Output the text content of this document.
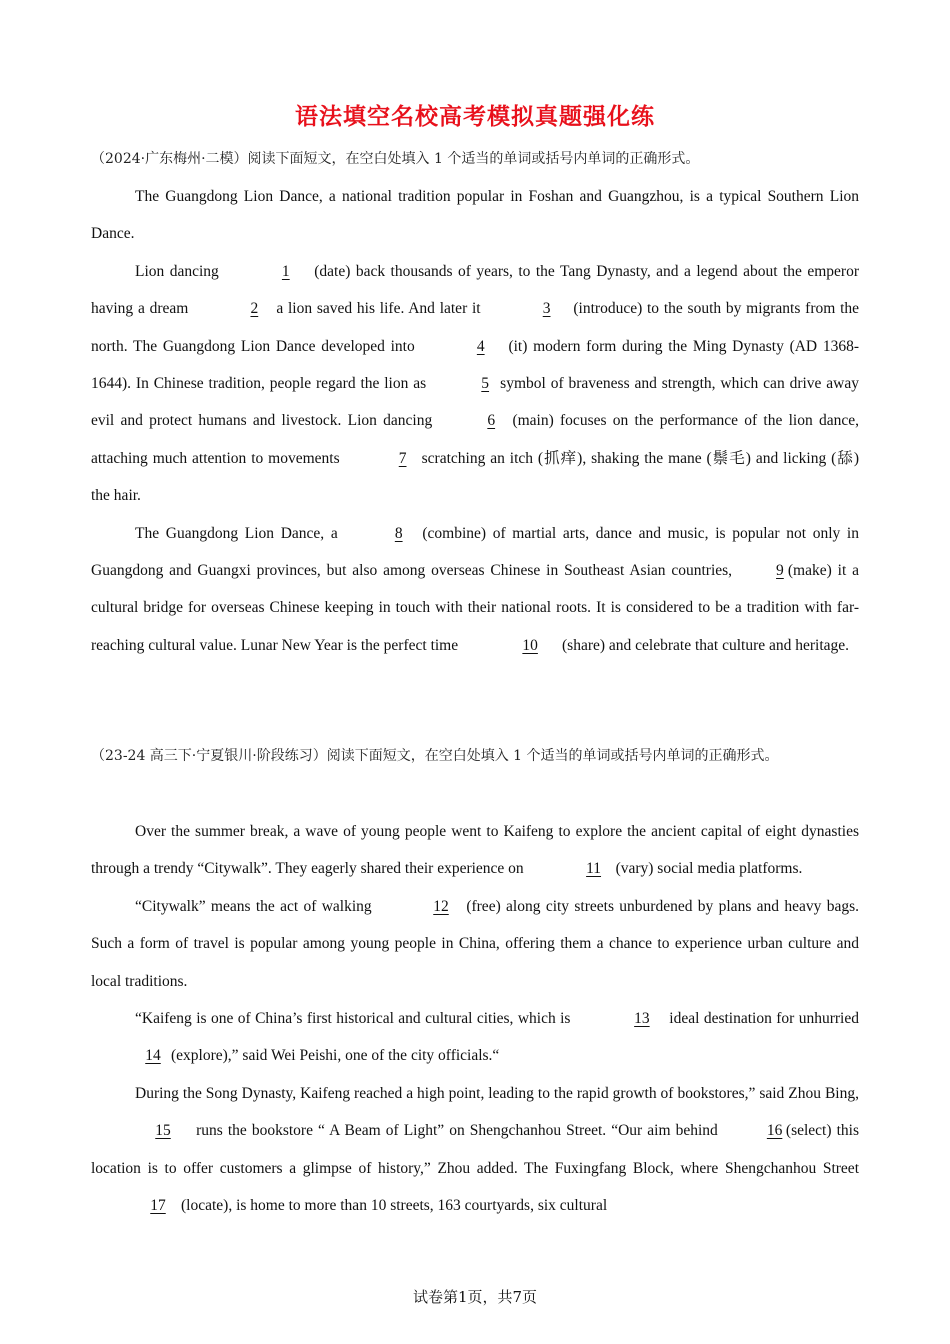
语法填空名校高考模拟真题强化练
（2024·广东梅州·二模）阅读下面短文，在空白处填入 1 个适当的单词或括号内单词的正确形式。

The Guangdong Lion Dance, a national tradition popular in Foshan and Guangzhou, is a typical Southern Lion Dance.

Lion dancing	1 (date) back thousands of years, to the Tang Dynasty, and a legend about the emperor having a dream	2 a lion saved his life. And later it	3 (introduce) to the south by migrants from the north. The Guangdong Lion Dance developed into	4 (it) modern form during the Ming Dynasty (AD 1368-1644). In Chinese tradition, people regard the lion as	5 symbol of braveness and strength, which can drive away evil and protect humans and livestock. Lion dancing	6 (main) focuses on the performance of the lion dance, attaching much attention to movements	7 scratching an itch (抓痒), shaking the mane (鬃毛) and licking (舔) the hair.

The Guangdong Lion Dance, a	8 (combine) of martial arts, dance and music, is popular not only in Guangdong and Guangxi provinces, but also among overseas Chinese in Southeast Asian countries,	9 (make) it a cultural bridge for overseas Chinese keeping in touch with their national roots. It is considered to be a tradition with far-reaching cultural value. Lunar New Year is the perfect time	10 (share) and celebrate that culture and heritage.

（23-24 高三下·宁夏银川·阶段练习）阅读下面短文，在空白处填入 1 个适当的单词或括号内单词的正确形式。

Over the summer break, a wave of young people went to Kaifeng to explore the ancient capital of eight dynasties through a trendy “Citywalk”. They eagerly shared their experience on	11 (vary) social media platforms.

“Citywalk” means the act of walking	12 (free) along city streets unburdened by plans and heavy bags. Such a form of travel is popular among young people in China, offering them a chance to experience urban culture and local traditions.

“Kaifeng is one of China’s first historical and cultural cities, which is	13 ideal destination for unhurried 14 (explore),” said Wei Peishi, one of the city officials.“

During the Song Dynasty, Kaifeng reached a high point, leading to the rapid growth of bookstores,” said Zhou Bing, 15 runs the bookstore “ A Beam of Light” on Shengchanhou Street. “Our aim behind	16 (select) this location is to offer customers a glimpse of history,” Zhou added. The Fuxingfang Block, where Shengchanhou Street 17 (locate), is home to more than 10 streets, 163 courtyards, six cultural

试卷第1页，共7页
